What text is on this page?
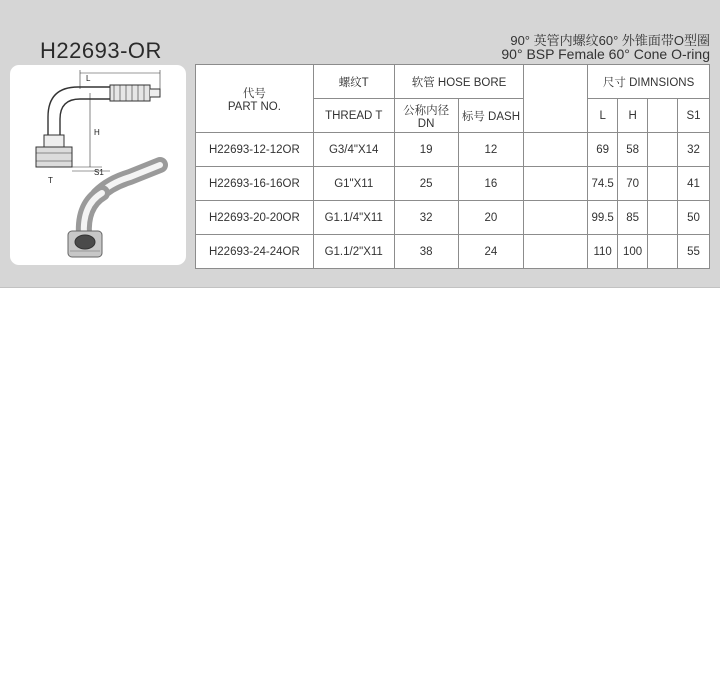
H22693-OR	90° 英管内螺纹60° 外锥面带O型圈
90° BSP Female 60° Cone O-ring
L
H
S1
T
代号
PART NO.	螺纹T	软管 HOSE BORE			尺寸 DIMNSIONS			
	THREAD T	公称内径 DN	标号 DASH		L	H		S1
H22693-12-12OR	G3/4"X14	19	12		69	58		32
H22693-16-16OR	G1"X11	25	16		74.5	70		41
H22693-20-20OR	G1.1/4"X11	32	20		99.5	85		50
H22693-24-24OR	G1.1/2"X11	38	24		110	100		55
